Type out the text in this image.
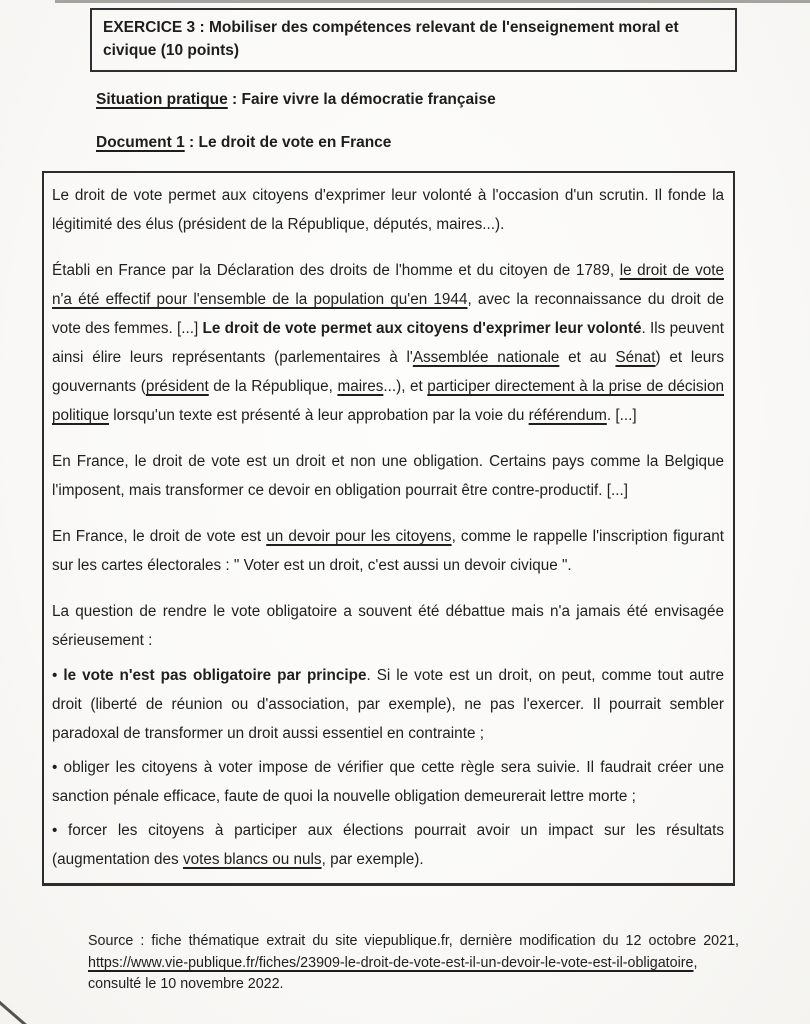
EXERCICE 3 : Mobiliser des compétences relevant de l'enseignement moral et

civique (10 points)

Situation pratique : Faire vivre la démocratie française
Document 1 : Le droit de vote en France

Le droit de vote permet aux citoyens d'exprimer leur volonté à l'occasion d'un scrutin. Il fonde la légitimité des élus (président de la République, députés, maires...).

Établi en France par la Déclaration des droits de l'homme et du citoyen de 1789, le droit de vote n'a été effectif pour l'ensemble de la population qu'en 1944, avec la reconnaissance du droit de vote des femmes. [...] Le droit de vote permet aux citoyens d'exprimer leur volonté. Ils peuvent ainsi élire leurs représentants (parlementaires à l'Assemblée nationale et au Sénat) et leurs gouvernants (président de la République, maires...), et participer directement à la prise de décision politique lorsqu'un texte est présenté à leur approbation par la voie du référendum. [...]

En France, le droit de vote est un droit et non une obligation. Certains pays comme la Belgique l'imposent, mais transformer ce devoir en obligation pourrait être contre-productif. [...]

En France, le droit de vote est un devoir pour les citoyens, comme le rappelle l'inscription figurant sur les cartes électorales : " Voter est un droit, c'est aussi un devoir civique ".

La question de rendre le vote obligatoire a souvent été débattue mais n'a jamais été envisagée sérieusement :

• le vote n'est pas obligatoire par principe. Si le vote est un droit, on peut, comme tout autre droit (liberté de réunion ou d'association, par exemple), ne pas l'exercer. Il pourrait sembler paradoxal de transformer un droit aussi essentiel en contrainte ;

• obliger les citoyens à voter impose de vérifier que cette règle sera suivie. Il faudrait créer une sanction pénale efficace, faute de quoi la nouvelle obligation demeurerait lettre morte ;

• forcer les citoyens à participer aux élections pourrait avoir un impact sur les résultats (augmentation des votes blancs ou nuls, par exemple).

Source : fiche thématique extrait du site viepublique.fr, dernière modification du 12 octobre 2021, https://www.vie-publique.fr/fiches/23909-le-droit-de-vote-est-il-un-devoir-le-vote-est-il-obligatoire, consulté le 10 novembre 2022.
